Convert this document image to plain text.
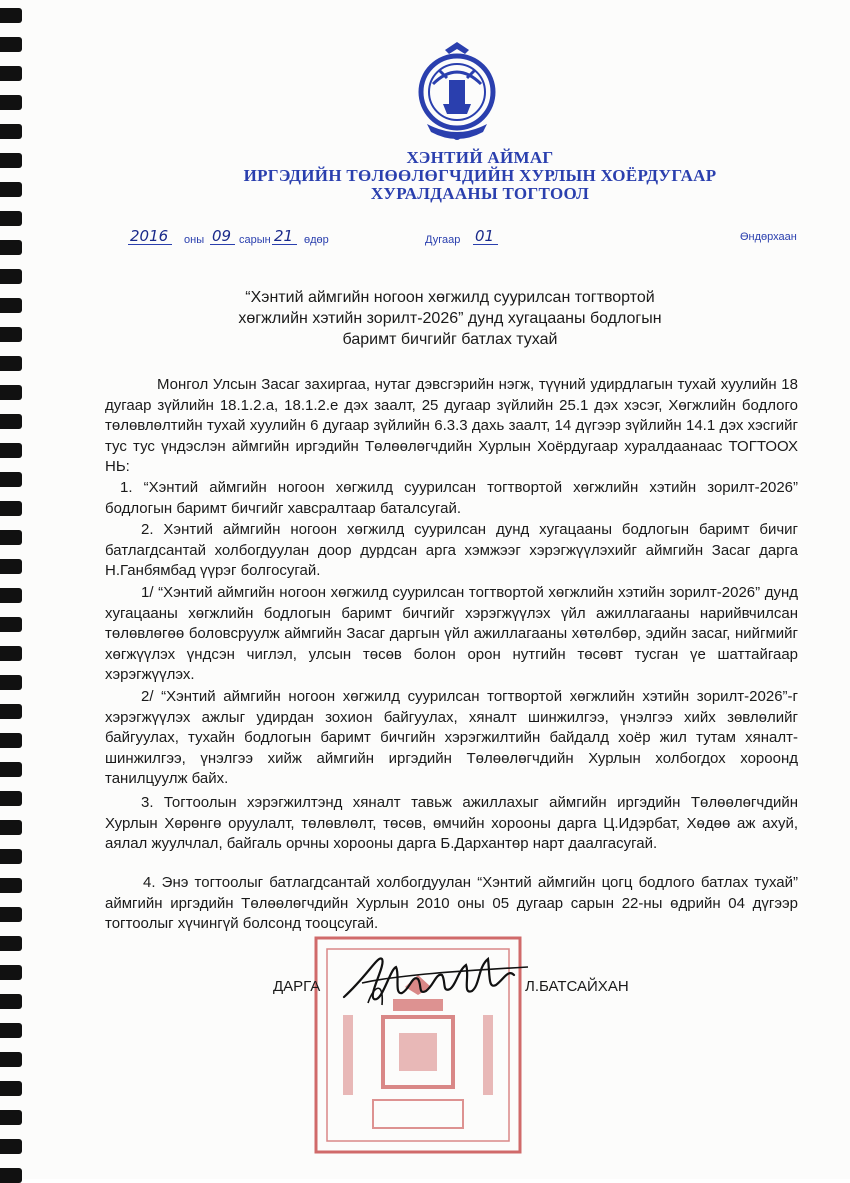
ХЭНТИЙ АЙМАГ
ИРГЭДИЙН ТӨЛӨӨЛӨГЧДИЙН ХУРЛЫН ХОЁРДУГААР
ХУРАЛДААНЫ ТОГТООЛ
2016	оны 09 сарын 21 өдөр	Дугаар 01	Өндөрхаан
“Хэнтий аймгийн ногоон хөгжилд суурилсан тогтвортой
хөгжлийн хэтийн зорилт-2026” дунд хугацааны бодлогын
баримт бичгийг батлах тухай
Монгол Улсын Засаг захиргаа, нутаг дэвсгэрийн нэгж, түүний удирдлагын тухай хуулийн 18 дугаар зүйлийн 18.1.2.а, 18.1.2.е дэх заалт, 25 дугаар зүйлийн 25.1 дэх хэсэг, Хөгжлийн бодлого төлөвлөлтийн тухай хуулийн 6 дугаар зүйлийн 6.3.3 дахь заалт, 14 дүгээр зүйлийн 14.1 дэх хэсгийг тус тус үндэслэн аймгийн иргэдийн Төлөөлөгчдийн Хурлын Хоёрдугаар хуралдаанаас ТОГТООХ НЬ:
1. “Хэнтий аймгийн ногоон хөгжилд суурилсан тогтвортой хөгжлийн хэтийн зорилт-2026” бодлогын баримт бичгийг хавсралтаар баталсугай.
2. Хэнтий аймгийн ногоон хөгжилд суурилсан дунд хугацааны бодлогын баримт бичиг батлагдсантай холбогдуулан доор дурдсан арга хэмжээг хэрэгжүүлэхийг аймгийн Засаг дарга Н.Ганбямбад үүрэг болгосугай.
1/ “Хэнтий аймгийн ногоон хөгжилд суурилсан тогтвортой хөгжлийн хэтийн зорилт-2026” дунд хугацааны хөгжлийн бодлогын баримт бичгийг хэрэгжүүлэх үйл ажиллагааны нарийвчилсан төлөвлөгөө боловсруулж аймгийн Засаг даргын үйл ажиллагааны хөтөлбөр, эдийн засаг, нийгмийг хөгжүүлэх үндсэн чиглэл, улсын төсөв болон орон нутгийн төсөвт тусган үе шаттайгаар хэрэгжүүлэх.
2/ “Хэнтий аймгийн ногоон хөгжилд суурилсан тогтвортой хөгжлийн хэтийн зорилт-2026”-г хэрэгжүүлэх ажлыг удирдан зохион байгуулах, хяналт шинжилгээ, үнэлгээ хийх зөвлөлийг байгуулах, тухайн бодлогын баримт бичгийн хэрэгжилтийн байдалд хоёр жил тутам хяналт-шинжилгээ, үнэлгээ хийж аймгийн иргэдийн Төлөөлөгчдийн Хурлын холбогдох хороонд танилцуулж байх.
3. Тогтоолын хэрэгжилтэнд хяналт тавьж ажиллахыг аймгийн иргэдийн Төлөөлөгчдийн Хурлын Хөрөнгө оруулалт, төлөвлөлт, төсөв, өмчийн хорооны дарга Ц.Идэрбат, Хөдөө аж ахуй, аялал жуулчлал, байгаль орчны хорооны дарга Б.Дархантөр нарт даалгасугай.
4. Энэ тогтоолыг батлагдсантай холбогдуулан “Хэнтий аймгийн цогц бодлого батлах тухай” аймгийн иргэдийн Төлөөлөгчдийн Хурлын 2010 оны 05 дугаар сарын 22-ны өдрийн 04 дүгээр тогтоолыг хүчингүй болсонд тооцсугай.
ДАРГА	Л.БАТСАЙХАН
